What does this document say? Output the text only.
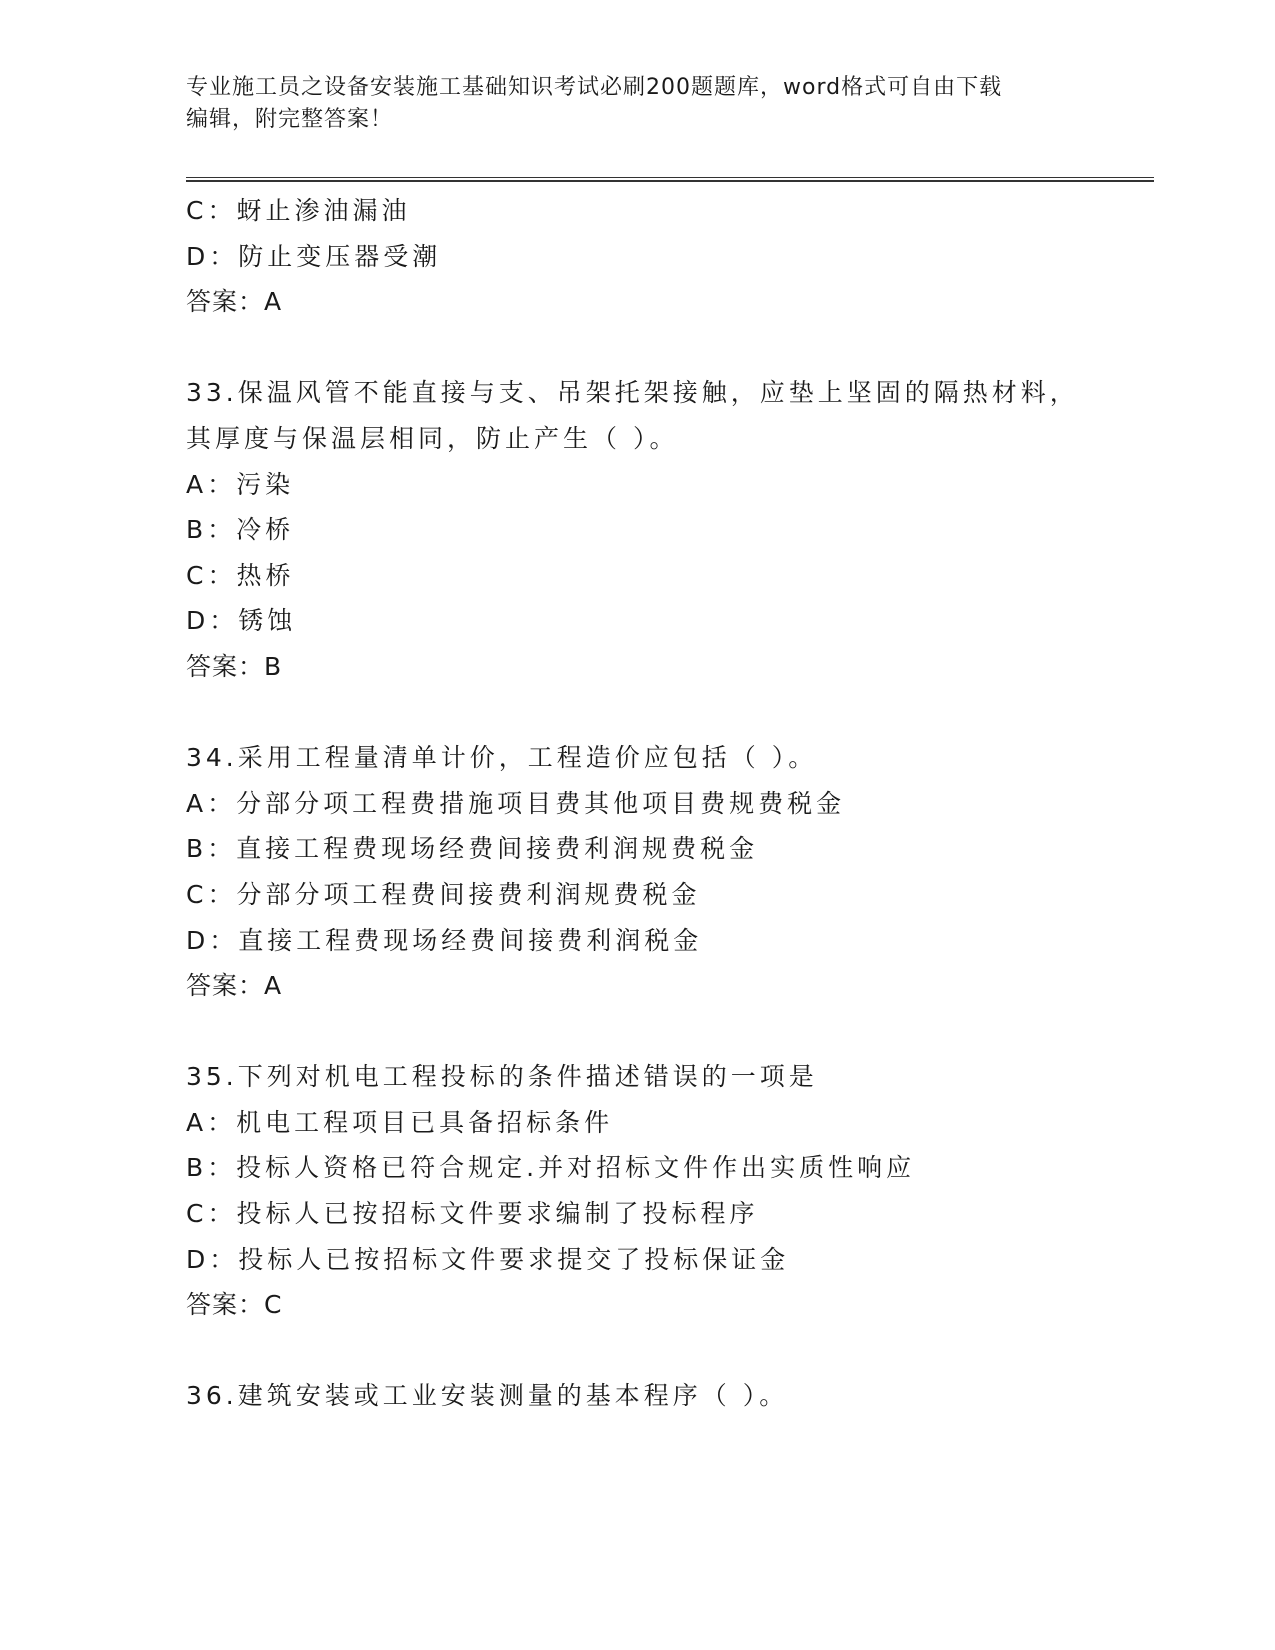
专业施工员之设备安装施工基础知识考试必刷200题题库，word格式可自由下载
编辑，附完整答案！
C：蚜止渗油漏油
D：防止变压器受潮
答案：A
33.保温风管不能直接与支、吊架托架接触，应垫上坚固的隔热材料，
其厚度与保温层相同，防止产生（ ）。
A：污染
B：冷桥
C：热桥
D：锈蚀
答案：B
34.采用工程量清单计价，工程造价应包括（ ）。
A：分部分项工程费措施项目费其他项目费规费税金
B：直接工程费现场经费间接费利润规费税金
C：分部分项工程费间接费利润规费税金
D：直接工程费现场经费间接费利润税金
答案：A
35.下列对机电工程投标的条件描述错误的一项是
A：机电工程项目已具备招标条件
B：投标人资格已符合规定.并对招标文件作出实质性响应
C：投标人已按招标文件要求编制了投标程序
D：投标人已按招标文件要求提交了投标保证金
答案：C
36.建筑安装或工业安装测量的基本程序（ ）。
